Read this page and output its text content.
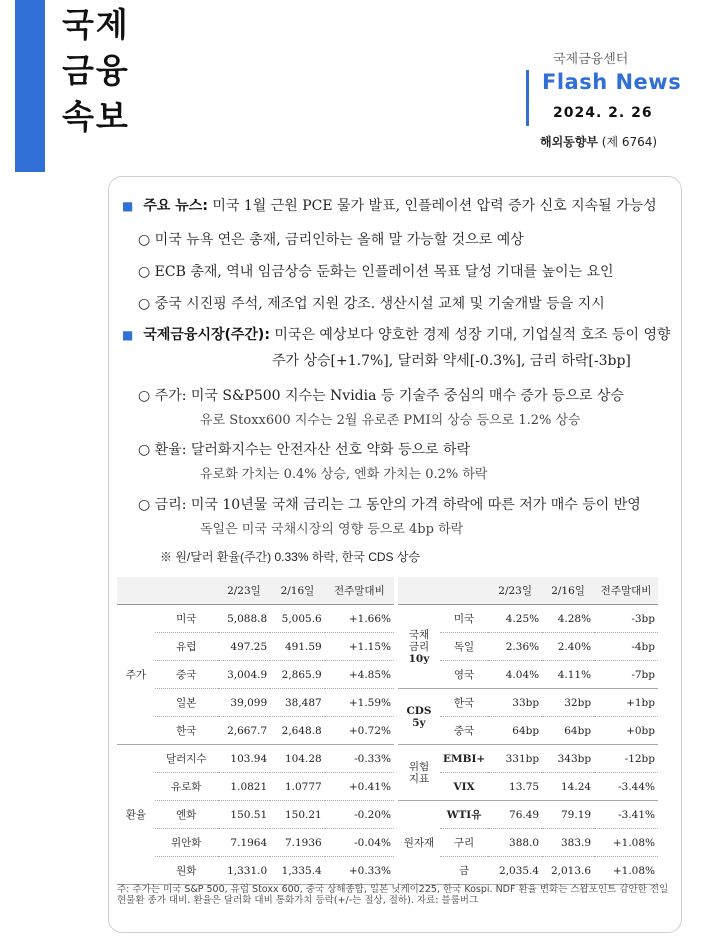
국제
금융
속보
국제금융센터
Flash News
2024. 2. 26
해외동향부 (제 6764)
■ 주요 뉴스: 미국 1월 근원 PCE 물가 발표, 인플레이션 압력 증가 신호 지속될 가능성
○ 미국 뉴욕 연은 총재, 금리인하는 올해 말 가능할 것으로 예상
○ ECB 총재, 역내 임금상승 둔화는 인플레이션 목표 달성 기대를 높이는 요인
○ 중국 시진핑 주석, 제조업 지원 강조. 생산시설 교체 및 기술개발 등을 지시
■ 국제금융시장(주간): 미국은 예상보다 양호한 경제 성장 기대, 기업실적 호조 등이 영향
주가 상승[+1.7%], 달러화 약세[-0.3%], 금리 하락[-3bp]
○ 주가: 미국 S&P500 지수는 Nvidia 등 기술주 중심의 매수 증가 등으로 상승
유로 Stoxx600 지수는 2월 유로존 PMI의 상승 등으로 1.2% 상승
○ 환율: 달러화지수는 안전자산 선호 약화 등으로 하락
유로화 가치는 0.4% 상승, 엔화 가치는 0.2% 하락
○ 금리: 미국 10년물 국채 금리는 그 동안의 가격 하락에 따른 저가 매수 등이 반영
독일은 미국 국채시장의 영향 등으로 4bp 하락
※ 원/달러 환율(주간) 0.33% 하락, 한국 CDS 상승
		2/23일	2/16일	전주말대비
주가	미국	5,088.8	5,005.6	+1.66%
	유럽	497.25	491.59	+1.15%
	중국	3,004.9	2,865.9	+4.85%
	일본	39,099	38,487	+1.59%
	한국	2,667.7	2,648.8	+0.72%
환율	달러지수	103.94	104.28	-0.33%
	유로화	1.0821	1.0777	+0.41%
	엔화	150.51	150.21	-0.20%
	위안화	7.1964	7.1936	-0.04%
	원화	1,331.0	1,335.4	+0.33%
		2/23일	2/16일	전주말대비

국채
금리
10y	미국	4.25%	4.28%	-3bp
	독일	2.36%	2.40%	-4bp
	영국	4.04%	4.11%	-7bp

CDS
5y	한국	33bp	32bp	+1bp
	중국	64bp	64bp	+0bp

위험
지표	EMBI+	331bp	343bp	-12bp
	VIX	13.75	14.24	-3.44%

원자재	WTI유	76.49	79.19	-3.41%
	구리	388.0	383.9	+1.08%
	금	2,035.4	2,013.6	+1.08%
주: 주가는 미국 S&P 500, 유럽 Stoxx 600, 중국 상해종합, 일본 닛케이225, 한국 Kospi. NDF 환율 변화는 스왑포인트 감안한 전일 현물환 종가 대비. 환율은 달러화 대비 통화가치 등락(+/-는 절상, 절하). 자료: 블룸버그
